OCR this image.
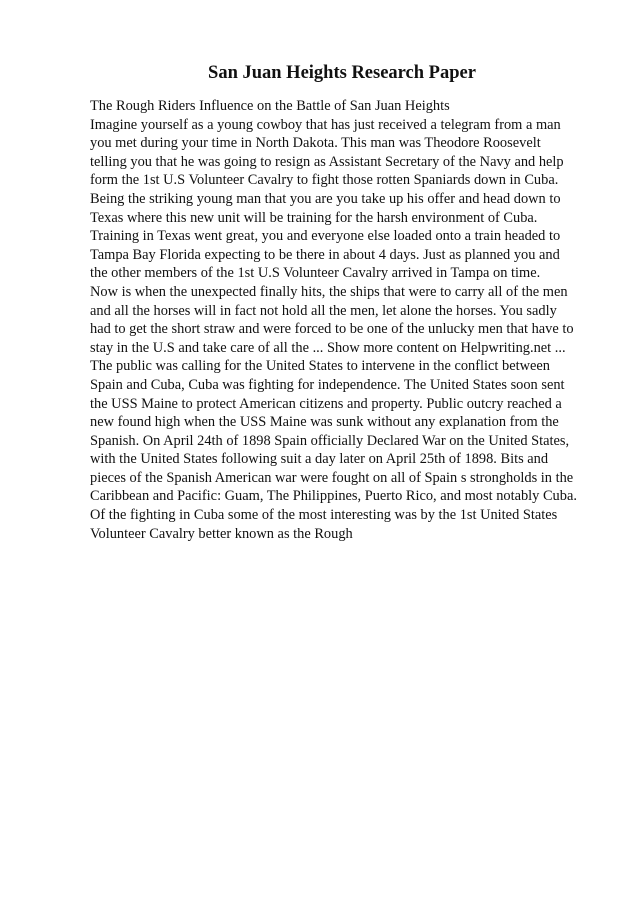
San Juan Heights Research Paper
The Rough Riders Influence on the Battle of San Juan Heights
Imagine yourself as a young cowboy that has just received a telegram from a man
you met during your time in North Dakota. This man was Theodore Roosevelt
telling you that he was going to resign as Assistant Secretary of the Navy and help
form the 1st U.S Volunteer Cavalry to fight those rotten Spaniards down in Cuba.
Being the striking young man that you are you take up his offer and head down to
Texas where this new unit will be training for the harsh environment of Cuba.
Training in Texas went great, you and everyone else loaded onto a train headed to
Tampa Bay Florida expecting to be there in about 4 days. Just as planned you and
the other members of the 1st U.S Volunteer Cavalry arrived in Tampa on time.
Now is when the unexpected finally hits, the ships that were to carry all of the men
and all the horses will in fact not hold all the men, let alone the horses. You sadly
had to get the short straw and were forced to be one of the unlucky men that have to
stay in the U.S and take care of all the ... Show more content on Helpwriting.net ...
The public was calling for the United States to intervene in the conflict between
Spain and Cuba, Cuba was fighting for independence. The United States soon sent
the USS Maine to protect American citizens and property. Public outcry reached a
new found high when the USS Maine was sunk without any explanation from the
Spanish. On April 24th of 1898 Spain officially Declared War on the United States,
with the United States following suit a day later on April 25th of 1898. Bits and
pieces of the Spanish American war were fought on all of Spain s strongholds in the
Caribbean and Pacific: Guam, The Philippines, Puerto Rico, and most notably Cuba.
Of the fighting in Cuba some of the most interesting was by the 1st United States
Volunteer Cavalry better known as the Rough
